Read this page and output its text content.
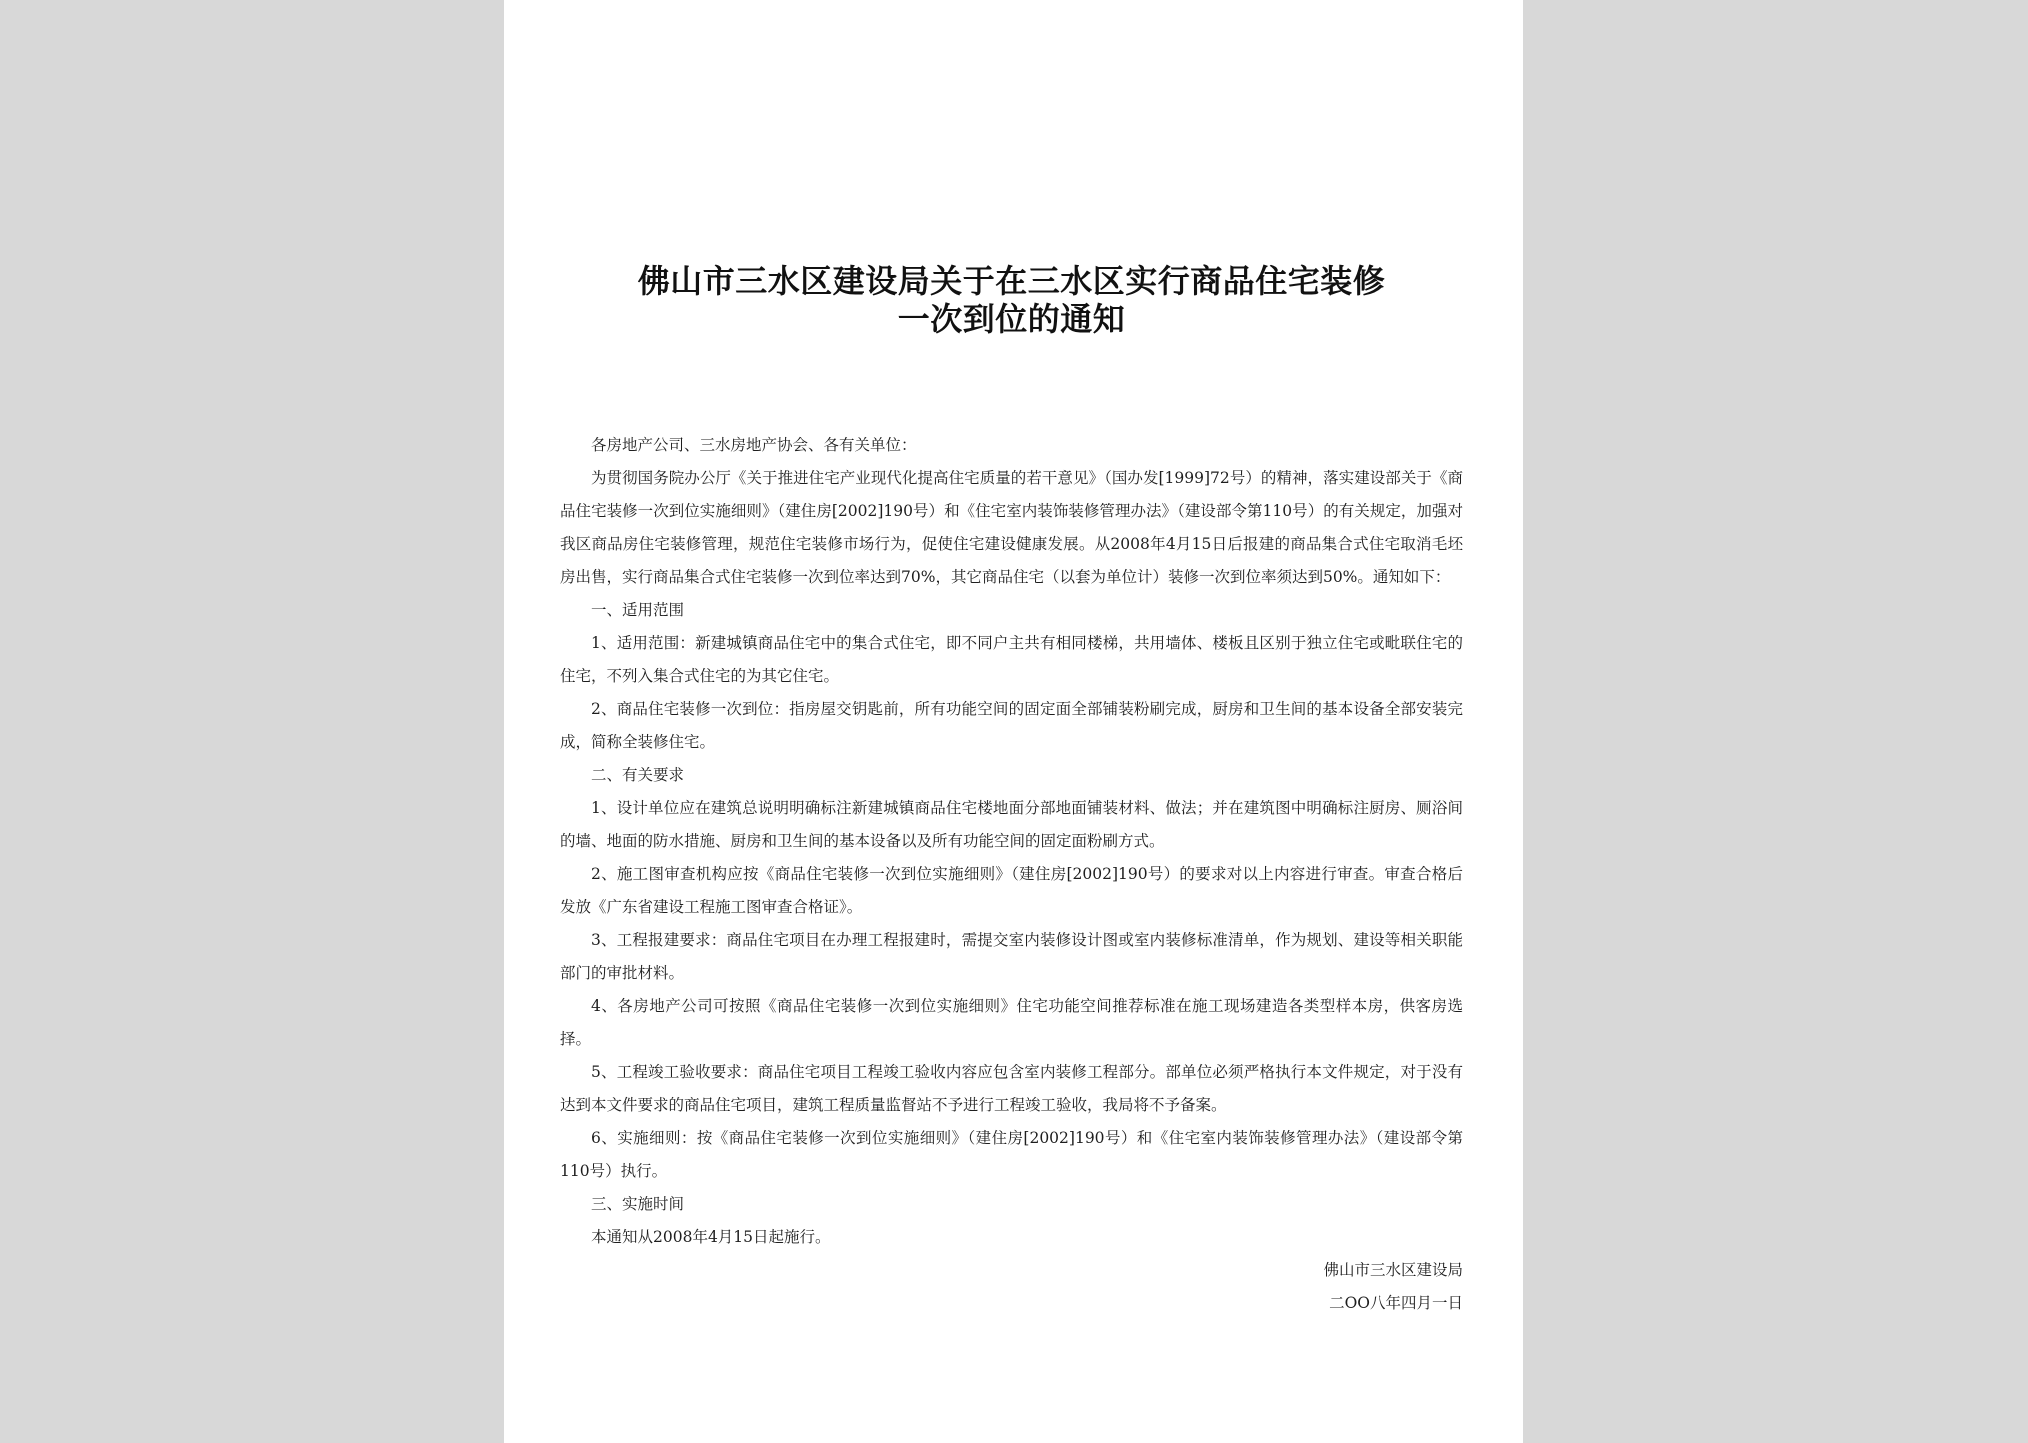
佛山市三水区建设局关于在三水区实行商品住宅装修
一次到位的通知

各房地产公司、三水房地产协会、各有关单位：

为贯彻国务院办公厅《关于推进住宅产业现代化提高住宅质量的若干意见》（国办发[1999]72号）的精神，落实建设部关于《商品住宅装修一次到位实施细则》（建住房[2002]190号）和《住宅室内装饰装修管理办法》（建设部令第110号）的有关规定，加强对我区商品房住宅装修管理，规范住宅装修市场行为，促使住宅建设健康发展。从2008年4月15日后报建的商品集合式住宅取消毛坯房出售，实行商品集合式住宅装修一次到位率达到70%，其它商品住宅（以套为单位计）装修一次到位率须达到50%。通知如下：

一、适用范围

1、适用范围：新建城镇商品住宅中的集合式住宅，即不同户主共有相同楼梯，共用墙体、楼板且区别于独立住宅或毗联住宅的住宅，不列入集合式住宅的为其它住宅。

2、商品住宅装修一次到位：指房屋交钥匙前，所有功能空间的固定面全部铺装粉刷完成，厨房和卫生间的基本设备全部安装完成，简称全装修住宅。

二、有关要求

1、设计单位应在建筑总说明明确标注新建城镇商品住宅楼地面分部地面铺装材料、做法；并在建筑图中明确标注厨房、厕浴间的墙、地面的防水措施、厨房和卫生间的基本设备以及所有功能空间的固定面粉刷方式。

2、施工图审查机构应按《商品住宅装修一次到位实施细则》（建住房[2002]190号）的要求对以上内容进行审查。审查合格后发放《广东省建设工程施工图审查合格证》。

3、工程报建要求：商品住宅项目在办理工程报建时，需提交室内装修设计图或室内装修标准清单，作为规划、建设等相关职能部门的审批材料。

4、各房地产公司可按照《商品住宅装修一次到位实施细则》住宅功能空间推荐标准在施工现场建造各类型样本房，供客房选择。

5、工程竣工验收要求：商品住宅项目工程竣工验收内容应包含室内装修工程部分。部单位必须严格执行本文件规定，对于没有达到本文件要求的商品住宅项目，建筑工程质量监督站不予进行工程竣工验收，我局将不予备案。

6、实施细则：按《商品住宅装修一次到位实施细则》（建住房[2002]190号）和《住宅室内装饰装修管理办法》（建设部令第110号）执行。

三、实施时间

本通知从2008年4月15日起施行。

佛山市三水区建设局
二OO八年四月一日
